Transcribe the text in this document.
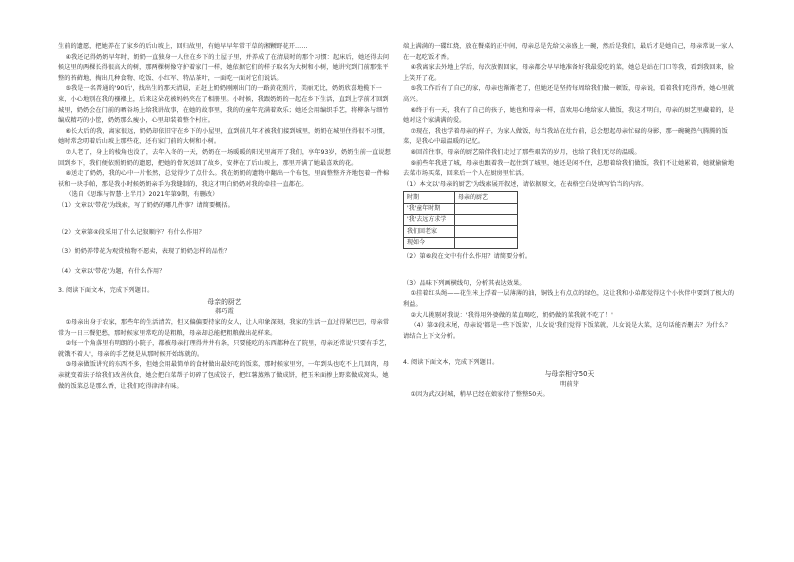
生前的遗愿，把她养在了家乡的后山坡上，回归故里，有她早早年常干草的湘颗野花开……

④我还记得奶奶早年时，奶奶一直独身一人住在乡下的土屋子里，并养成了在清晨时的那个习惯：起床后，她还得去问候这里的两棵长得很高大的树，那两棵树像守护着家门一样，她依据它们的样子取名为大树和小树，她讲究到门前那张平整的苔藓地，掏出几种食物、吃饭、小红军、特品茶叶，一面吃一面对它们说话。

⑤我是一名普通的'90后'，找出生的那天清晨，正赶上奶奶刚刚出门的一路黄花照片，美丽无比，奶奶欣喜地揽下一束，小心地别在我的襁褓上，后来这朵花被妈妈夹在了相册里。小时候，我跟奶奶的一起在乡下生活，直到上学前才回到城里，奶奶会在门前的晒谷场上给我讲故事，在她的故事里，我的的童年充满着欢乐；她还会用编织手艺，将柳条与细竹编成精巧的小筐，奶奶那么瘦小，心里却装着整个村庄。

⑥长大后的我，离家很远，奶奶却依旧守在乡下的小屋里，直到前几年才被我们接到城里，奶奶在城里住得很不习惯，她时常念叨着后山坡上那些花，还有家门前的大树和小树。

⑦人老了，身上的棱角也没了，去年入冬的一天，奶奶在一场暖暖的阳光里离开了我们，享年93岁，奶奶生前一直说想回到乡下，我们便依照奶奶的遗愿，把她的骨灰送回了故乡，安葬在了后山坡上，那里开满了她最喜欢的花。

⑧送走了奶奶，我的心中一片怅然，总觉得少了点什么。我在奶奶的遗物中翻出一个布包，里面整整齐齐地包着一件棉袄和一块手帕，那是我小时候奶奶亲手为我缝制的，我这才明白奶奶对我的牵挂一直都在。

（选自《思维与智慧·上半月》2021年第9期，有删改）

（1）文章以'带花'为线索，写了奶奶的哪几件事？请简要概括。

（2）文章第④段采用了什么记叙顺序？有什么作用？

（3）奶奶养带花为观赏植物不愿卖，表现了奶奶怎样的品性？

（4）文章以'带花'为题，有什么作用？

3. 阅读下面文本，完成下列题目。

母亲的厨艺

郝巧霞

①母亲出身于农家，那些年的生活清苦，但又偏偏要持家的女人，让人印象深刻，我家的生活一直过得紧巴巴，母亲常常为一日三餐犯愁，那时候家里常吃的是粗粮，母亲却总能把粗粮做出花样来。

②每一个角落里有明朗的小院子，都被母亲打理得井井有条，只要能吃的东西都种在了院里，母亲还常说'只要有手艺，就饿不着人'，母亲的手艺便是从那时候开始练就的。

③母亲做饭讲究的东西不多，但她会用最简单的食材做出最好吃的饭菜，那时候家里穷，一年到头也吃不上几回肉，母亲就变着法子给我们改善伙食，她会把白菜帮子切碎了包成饺子，把红薯蒸熟了做成饼，把玉米面掺上野菜做成窝头，她做的饭菜总是那么香，让我们吃得津津有味。

端上满满的一碟红烧，放在餐桌的正中间，母亲总是先给父亲盛上一碗，然后是我们，最后才是她自己，母亲常说一家人在一起吃饭才香。

④我离家去外地上学后，每次放假回家，母亲都会早早地准备好我最爱吃的菜，她总是站在门口等我，看到我回来，脸上笑开了花。

⑤我工作后有了自己的家，母亲也渐渐老了，但她还是坚持每周给我们做一顿饭，母亲说，看着我们吃得香，她心里就高兴。

⑥终于有一天，我有了自己的孩子，她也和母亲一样，喜欢用心地给家人做饭，我这才明白，母亲的厨艺里藏着的，是她对这个家满满的爱。

⑦现在，我也学着母亲的样子，为家人做饭，每当我站在灶台前，总会想起母亲忙碌的身影，那一碗碗热气腾腾的饭菜，是我心中最温暖的记忆。

⑧回首往事，母亲的厨艺陪伴我们走过了那些艰苦的岁月，也给了我们无尽的温暖。

⑨前些年我进了城，母亲也跟着我一起住到了城里，她还是闲不住，总想着给我们做饭，我们不让她累着，她就偷偷地去菜市场买菜，回来后一个人在厨房里忙活。

（1）本文以'母亲的厨艺'为线索展开叙述，请依据原文，在表格空白处填写恰当的内容。

时期	母亲的厨艺
'我'童年时期	
'我'去远方求学	
我们回老家	
现如今	

（2）第⑥段在文中有什么作用？请简要分析。

（3）品味下列画横线句，分析其表达效果。

①挂着红头绳——花生米上浮着一层薄薄的油，铜钱上有点点的绿色，这让我和小弟都觉得这个小伙伴中要到了极大的利益。

②大儿挑剔对我说：'我得用外婆做的菜直喝吃，奶奶做的菜我就不吃了！'

（4）第③段末尾，母亲说'都是一些下饭菜'，儿女说'我们觉得下饭菜就，儿女说是大菜，这句话能否删去？为什么？请结合上下文分析。

4. 阅读下面文本，完成下列题目。

与母亲相守50天

明前芽

①因为武汉封城，稍早已经在娘家待了整整50天。
